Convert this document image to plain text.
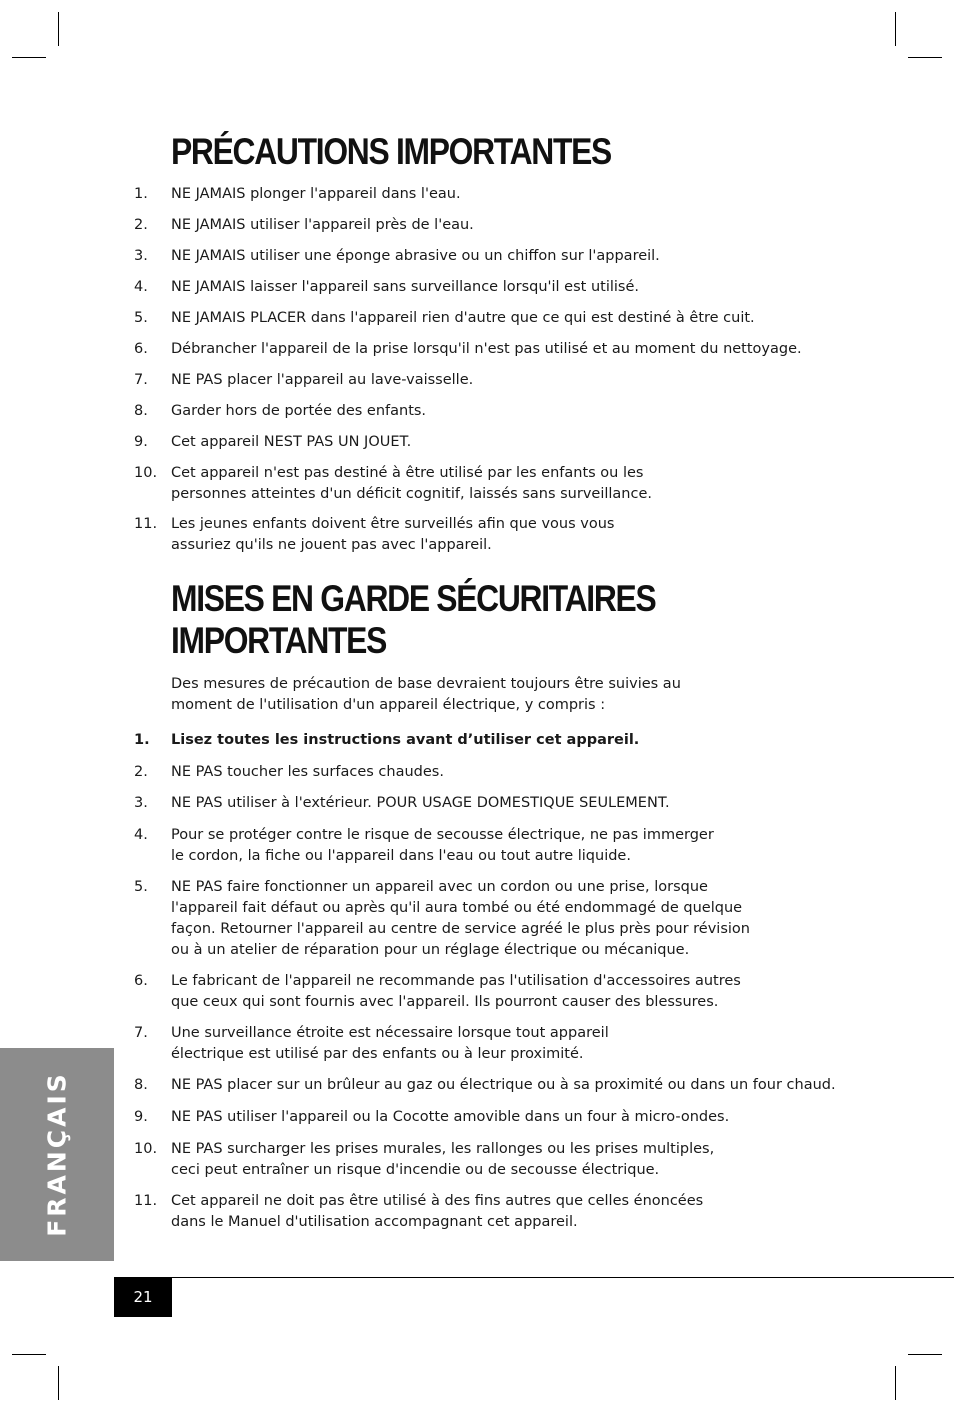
PRÉCAUTIONS IMPORTANTES
1. NE JAMAIS plonger l'appareil dans l'eau.
2. NE JAMAIS utiliser l'appareil près de l'eau.
3. NE JAMAIS utiliser une éponge abrasive ou un chiffon sur l'appareil.
4. NE JAMAIS laisser l'appareil sans surveillance lorsqu'il est utilisé.
5. NE JAMAIS PLACER dans l'appareil rien d'autre que ce qui est destiné à être cuit.
6. Débrancher l'appareil de la prise lorsqu'il n'est pas utilisé et au moment du nettoyage.
7. NE PAS placer l'appareil au lave-vaisselle.
8. Garder hors de portée des enfants.
9. Cet appareil NEST PAS UN JOUET.
10. Cet appareil n'est pas destiné à être utilisé par les enfants ou les
personnes atteintes d'un déficit cognitif, laissés sans surveillance.
11. Les jeunes enfants doivent être surveillés afin que vous vous
assuriez qu'ils ne jouent pas avec l'appareil.
MISES EN GARDE SÉCURITAIRES
IMPORTANTES
Des mesures de précaution de base devraient toujours être suivies au
moment de l'utilisation d'un appareil électrique, y compris :
1. Lisez toutes les instructions avant d’utiliser cet appareil.
2. NE PAS toucher les surfaces chaudes.
3. NE PAS utiliser à l'extérieur. POUR USAGE DOMESTIQUE SEULEMENT.
4. Pour se protéger contre le risque de secousse électrique, ne pas immerger
le cordon, la fiche ou l'appareil dans l'eau ou tout autre liquide.
5. NE PAS faire fonctionner un appareil avec un cordon ou une prise, lorsque
l'appareil fait défaut ou après qu'il aura tombé ou été endommagé de quelque
façon. Retourner l'appareil au centre de service agréé le plus près pour révision
ou à un atelier de réparation pour un réglage électrique ou mécanique.
6. Le fabricant de l'appareil ne recommande pas l'utilisation d'accessoires autres
que ceux qui sont fournis avec l'appareil. Ils pourront causer des blessures.
7. Une surveillance étroite est nécessaire lorsque tout appareil
électrique est utilisé par des enfants ou à leur proximité.
8. NE PAS placer sur un brûleur au gaz ou électrique ou à sa proximité ou dans un four chaud.
9. NE PAS utiliser l'appareil ou la Cocotte amovible dans un four à micro-ondes.
10. NE PAS surcharger les prises murales, les rallonges ou les prises multiples,
ceci peut entraîner un risque d'incendie ou de secousse électrique.
11. Cet appareil ne doit pas être utilisé à des fins autres que celles énoncées
dans le Manuel d'utilisation accompagnant cet appareil.
FRANÇAIS
21
